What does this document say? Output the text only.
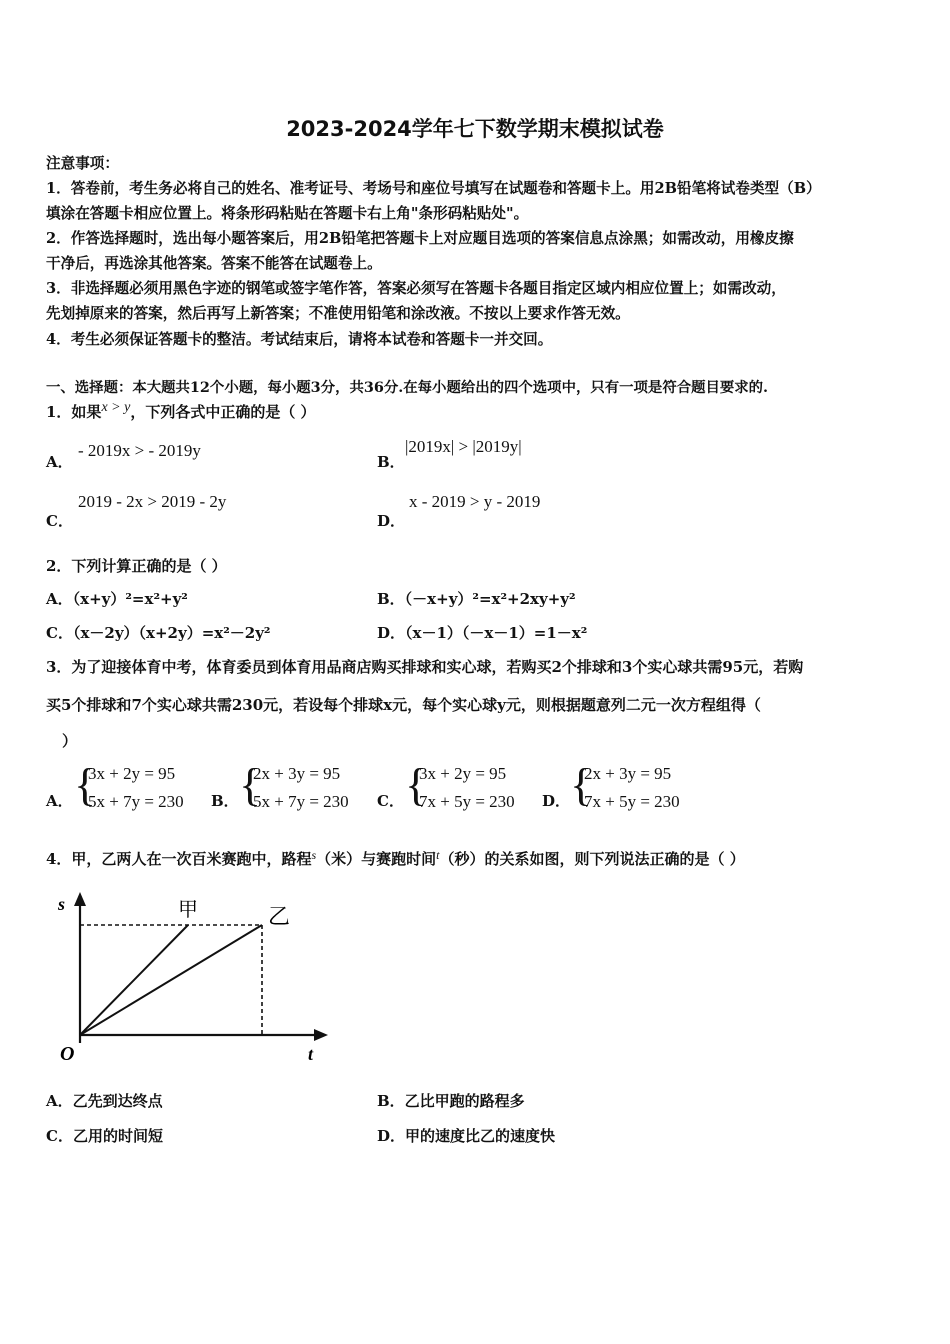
2023-2024学年七下数学期末模拟试卷
注意事项：
1．答卷前，考生务必将自己的姓名、准考证号、考场号和座位号填写在试题卷和答题卡上。用2B铅笔将试卷类型（B）
填涂在答题卡相应位置上。将条形码粘贴在答题卡右上角"条形码粘贴处"。
2．作答选择题时，选出每小题答案后，用2B铅笔把答题卡上对应题目选项的答案信息点涂黑；如需改动，用橡皮擦
干净后，再选涂其他答案。答案不能答在试题卷上。
3．非选择题必须用黑色字迹的钢笔或签字笔作答，答案必须写在答题卡各题目指定区域内相应位置上；如需改动，
先划掉原来的答案，然后再写上新答案；不准使用铅笔和涂改液。不按以上要求作答无效。
4．考生必须保证答题卡的整洁。考试结束后，请将本试卷和答题卡一并交回。
一、选择题：本大题共12个小题，每小题3分，共36分.在每小题给出的四个选项中，只有一项是符合题目要求的.
1．如果x > y，下列各式中正确的是（ ）
A．
- 2019x > - 2019y
B．
|2019x| > |2019y|
C．
2019 - 2x > 2019 - 2y
D．
x - 2019 > y - 2019
2．下列计算正确的是（ ）
A．（x+y）²=x²+y²	B．（－x+y）²=x²+2xy+y²
C．（x－2y）（x+2y）=x²－2y²	D．（x－1）（－x－1）=1－x²
3．为了迎接体育中考，体育委员到体育用品商店购买排球和实心球，若购买2个排球和3个实心球共需95元，若购
买5个排球和7个实心球共需230元，若设每个排球x元，每个实心球y元，则根据题意列二元一次方程组得（
）
A． {
3x + 2y = 95
5x + 7y = 230 B． {
2x + 3y = 95
5x + 7y = 230 C． {
3x + 2y = 95
7x + 5y = 230 D． {
2x + 3y = 95
7x + 5y = 230
4．甲，乙两人在一次百米赛跑中，路程$^s$（米）与赛跑时间$^t$（秒）的关系如图，则下列说法正确的是（ ）
s
t
O
甲	乙
A．乙先到达终点	B．乙比甲跑的路程多
C．乙用的时间短	D．甲的速度比乙的速度快
